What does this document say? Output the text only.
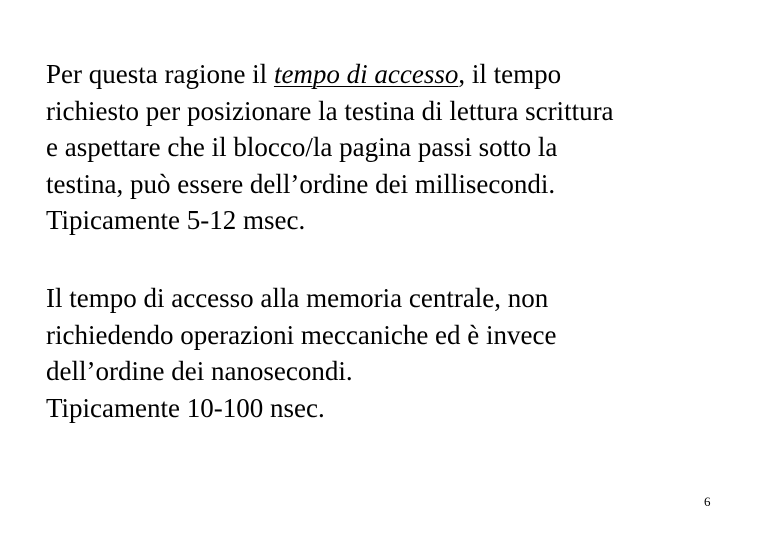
Per questa ragione il tempo di accesso, il tempo
richiesto per posizionare la testina di lettura scrittura
e aspettare che il blocco/la pagina passi sotto la
testina, può essere dell’ordine dei millisecondi.
Tipicamente 5-12 msec.

Il tempo di accesso alla memoria centrale, non
richiedendo operazioni meccaniche ed è invece
dell’ordine dei nanosecondi.
Tipicamente 10-100 nsec.

6
